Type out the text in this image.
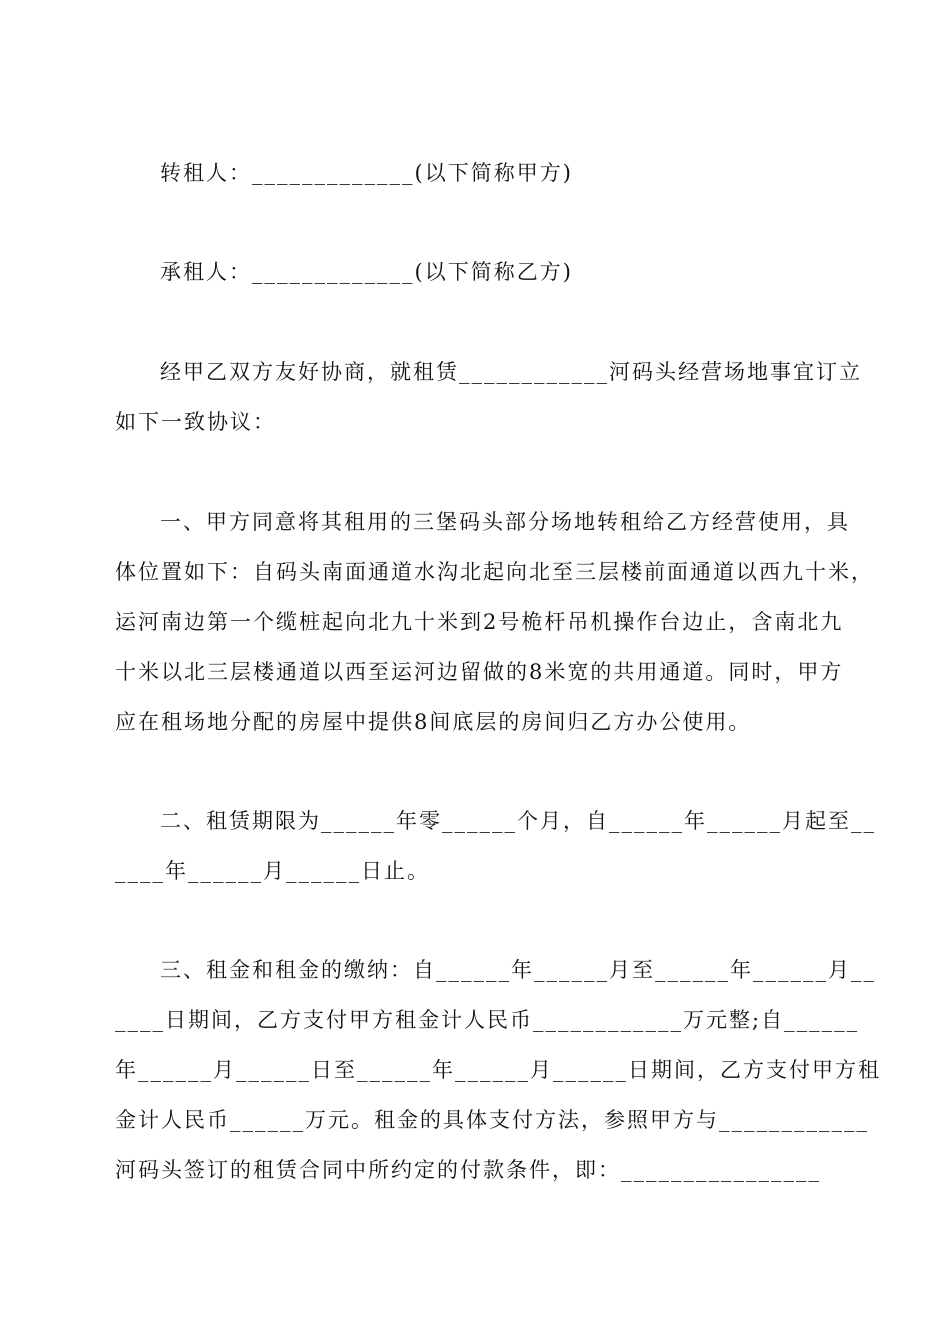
转租人：_____________(以下简称甲方)
承租人：_____________(以下简称乙方)
经甲乙双方友好协商，就租赁____________河码头经营场地事宜订立
如下一致协议：
一、甲方同意将其租用的三堡码头部分场地转租给乙方经营使用，具
体位置如下：自码头南面通道水沟北起向北至三层楼前面通道以西九十米，
运河南边第一个缆桩起向北九十米到2号桅杆吊机操作台边止，含南北九
十米以北三层楼通道以西至运河边留做的8米宽的共用通道。同时，甲方
应在租场地分配的房屋中提供8间底层的房间归乙方办公使用。
二、租赁期限为______年零______个月，自______年______月起至__
____年______月______日止。
三、租金和租金的缴纳：自______年______月至______年______月__
____日期间，乙方支付甲方租金计人民币____________万元整;自______
年______月______日至______年______月______日期间，乙方支付甲方租
金计人民币______万元。租金的具体支付方法，参照甲方与____________
河码头签订的租赁合同中所约定的付款条件，即：________________
